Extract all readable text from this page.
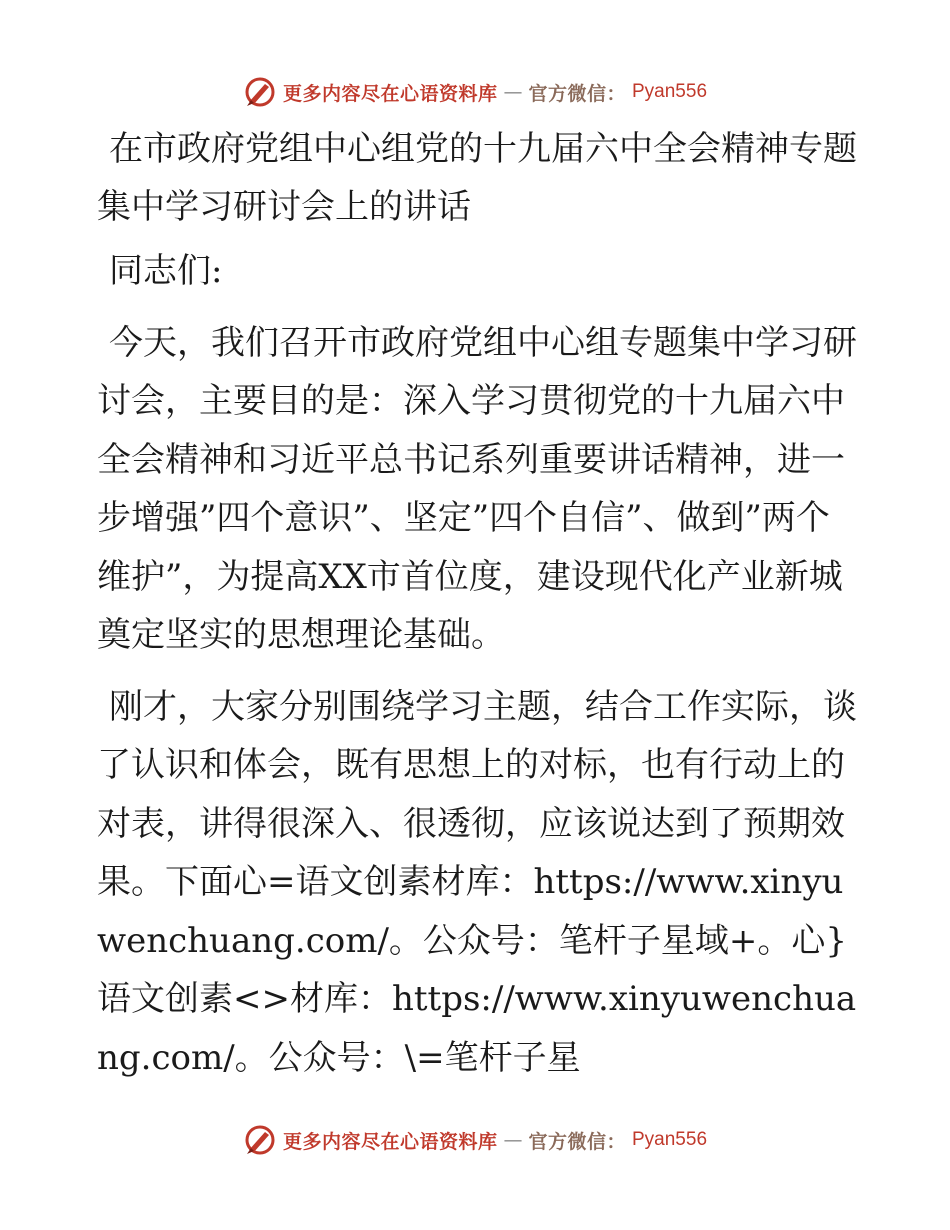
更多内容尽在心语资料库 — 官方微信： Pyan556
在市政府党组中心组党的十九届六中全会精神专题集中学习研讨会上的讲话

同志们:

今天，我们召开市政府党组中心组专题集中学习研讨会，主要目的是：深入学习贯彻党的十九届六中全会精神和习近平总书记系列重要讲话精神，进一步增强”四个意识”、坚定”四个自信”、做到”两个维护”，为提高XX市首位度，建设现代化产业新城奠定坚实的思想理论基础。

刚才，大家分别围绕学习主题，结合工作实际，谈了认识和体会，既有思想上的对标，也有行动上的对表，讲得很深入、很透彻，应该说达到了预期效果。下面心=语文创素材库：https://www.xinyuwenchuang.com/。公众号：笔杆子星域+。心}语文创素<>材库：https://www.xinyuwenchuang.com/。公众号：\=笔杆子星

更多内容尽在心语资料库 — 官方微信： Pyan556
